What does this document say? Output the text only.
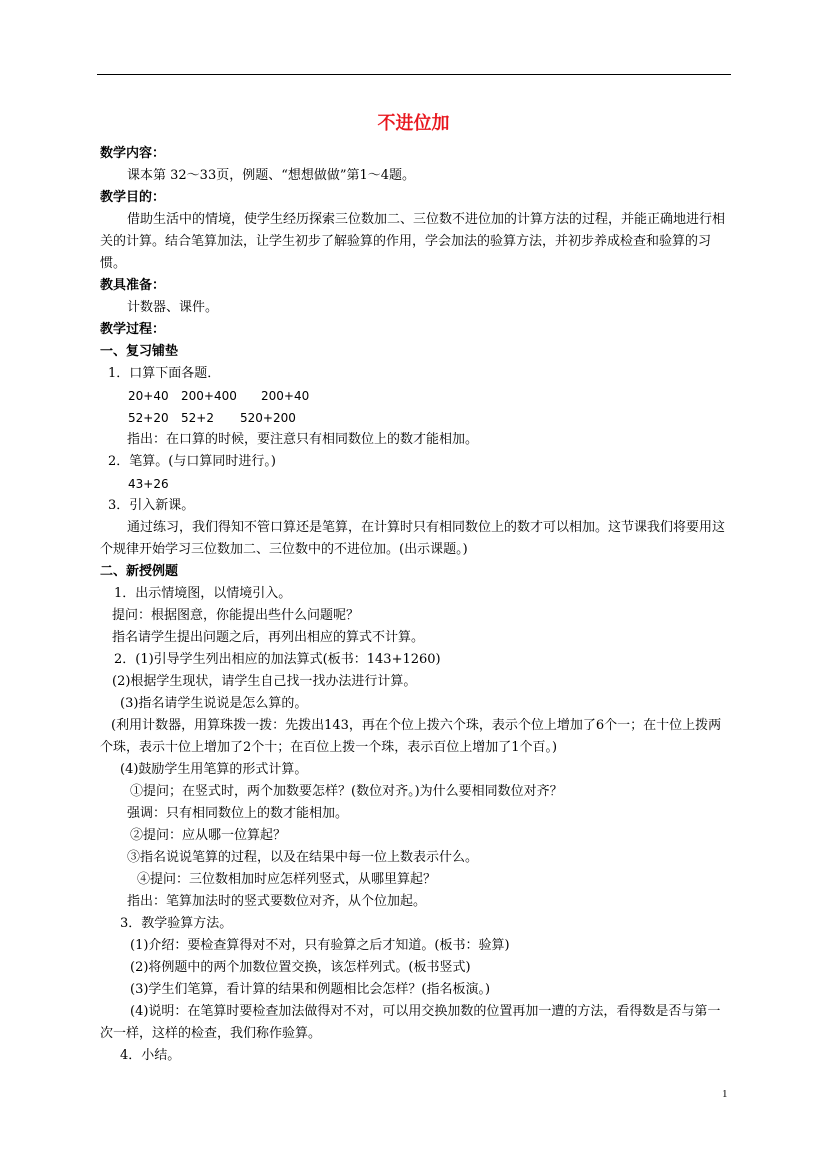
不进位加
数学内容：
课本第 32～33页，例题、“想想做做”第1～4题。
教学目的：
借助生活中的情境，使学生经历探索三位数加二、三位数不进位加的计算方法的过程，并能正确地进行相关的计算。结合笔算加法，让学生初步了解验算的作用，学会加法的验算方法，并初步养成检查和验算的习惯。
教具准备：
计数器、课件。
教学过程：
一、复习铺垫
1．口算下面各题．
20+40	200+400	200+40
52+20	52+2	520+200
指出：在口算的时候，要注意只有相同数位上的数才能相加。
2．笔算。(与口算同时进行。)
43+26
3．引入新课。
通过练习，我们得知不管口算还是笔算，在计算时只有相同数位上的数才可以相加。这节课我们将要用这个规律开始学习三位数加二、三位数中的不进位加。(出示课题。)
二、新授例题
1．出示情境图，以情境引入。
提问：根据图意，你能提出些什么问题呢？
指名请学生提出问题之后，再列出相应的算式不计算。
2．(1)引导学生列出相应的加法算式(板书：143+1260)
(2)根据学生现状，请学生自己找一找办法进行计算。
(3)指名请学生说说是怎么算的。
(利用计数器，用算珠拨一拨：先拨出143，再在个位上拨六个珠，表示个位上增加了6个一；在十位上拨两个珠，表示十位上增加了2个十；在百位上拨一个珠，表示百位上增加了1个百。)
(4)鼓励学生用笔算的形式计算。
①提问；在竖式时，两个加数要怎样？(数位对齐。)为什么要相同数位对齐？
强调：只有相同数位上的数才能相加。
②提问：应从哪一位算起？
③指名说说笔算的过程，以及在结果中每一位上数表示什么。
④提问：三位数相加时应怎样列竖式，从哪里算起？
指出：笔算加法时的竖式要数位对齐，从个位加起。
3．教学验算方法。
(1)介绍：要检查算得对不对，只有验算之后才知道。(板书：验算)
(2)将例题中的两个加数位置交换，该怎样列式。(板书竖式)
(3)学生们笔算，看计算的结果和例题相比会怎样？(指名板演。)
(4)说明：在笔算时要检查加法做得对不对，可以用交换加数的位置再加一遭的方法，看得数是否与第一次一样，这样的检查，我们称作验算。
4．小结。
1
